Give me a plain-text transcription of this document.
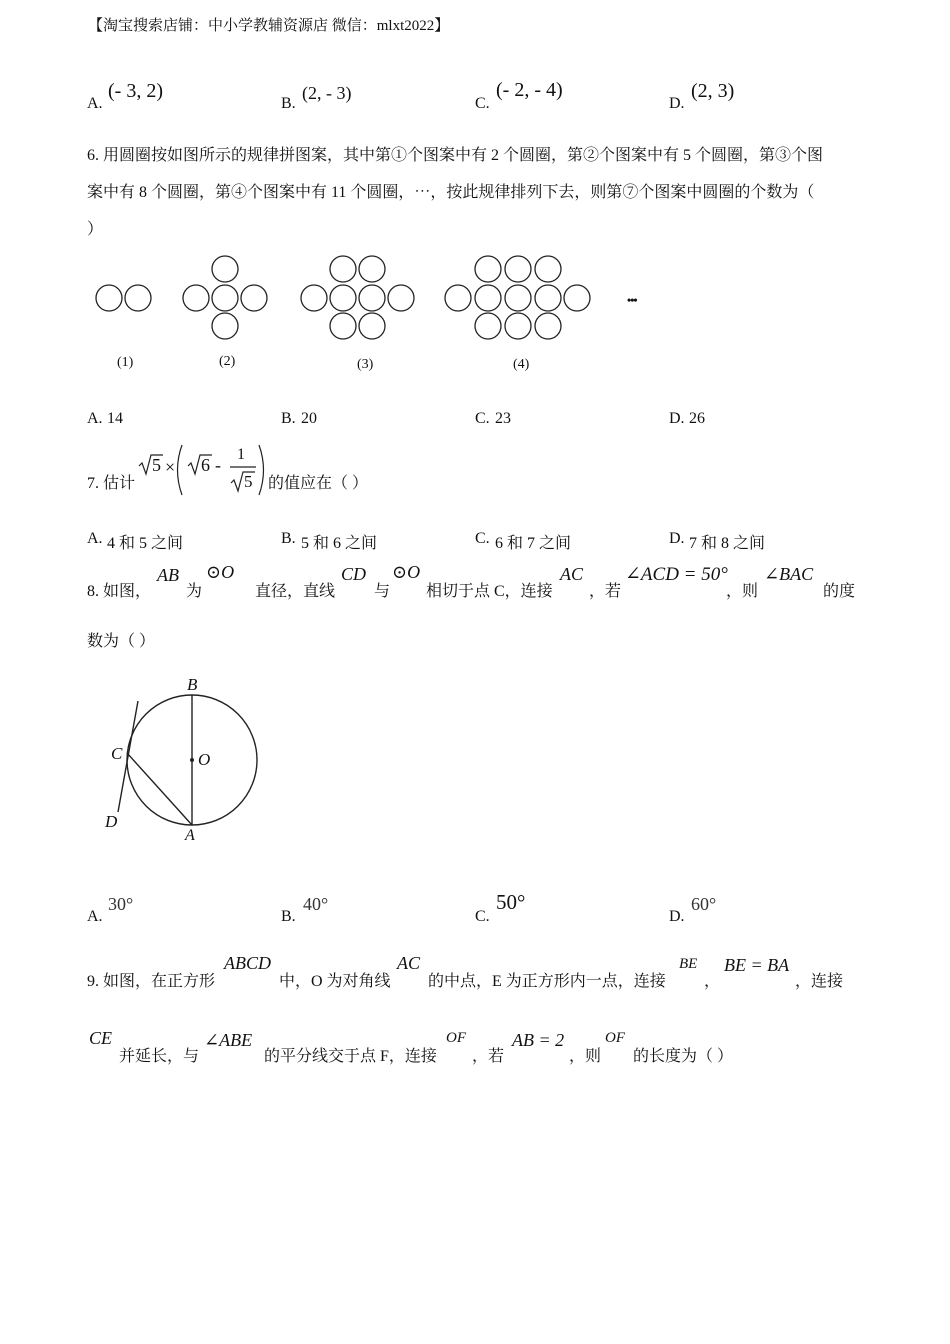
【淘宝搜索店铺：中小学教辅资源店 微信：mlxt2022】
A.
(- 3, 2)
B.
(2, - 3)
C.
(- 2, - 4)
D.
(2, 3)
6. 用圆圈按如图所示的规律拼图案，其中第①个图案中有 2 个圆圈，第②个图案中有 5 个圆圈，第③个图
案中有 8 个圆圈，第④个图案中有 11 个圆圈，⋯，按此规律排列下去，则第⑦个图案中圆圈的个数为（
）
(1)	(2)	(3)	(4)
•••
A. 14	B. 20	C. 23	D. 26
7. 估计
5 × 6 -
1
5 的值应在（ ）
A. 4 和 5 之间	B. 5 和 6 之间	C. 6 和 7 之间	D. 7 和 8 之间
8. 如图，
AB
为
⊙O
直径，直线
CD
与
⊙O
相切于点 C，连接
AC
，若
∠ACD = 50°
，则
∠BAC
的度
数为（ ）
B
C	O
D
A
A.
30°
B.
40°
C.
50°
D.
60°
9. 如图，在正方形
ABCD
中，O 为对角线
AC
的中点，E 为正方形内一点，连接
BE
，
BE = BA
，连接
CE
并延长，与
∠ABE
的平分线交于点 F，连接
OF
，若
AB = 2
，则
OF
的长度为（ ）
